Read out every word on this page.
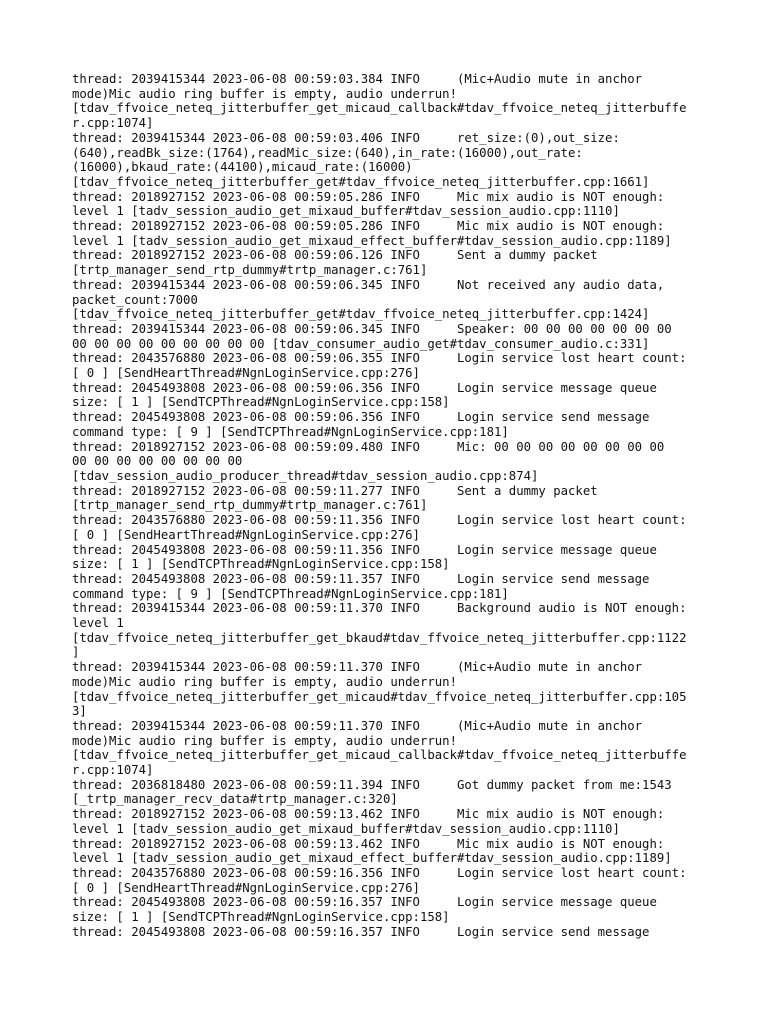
thread: 2039415344 2023-06-08 00:59:03.384 INFO     (Mic+Audio mute in anchor
mode)Mic audio ring buffer is empty, audio underrun!
[tdav_ffvoice_neteq_jitterbuffer_get_micaud_callback#tdav_ffvoice_neteq_jitterbuffe
r.cpp:1074]
thread: 2039415344 2023-06-08 00:59:03.406 INFO     ret_size:(0),out_size:
(640),readBk_size:(1764),readMic_size:(640),in_rate:(16000),out_rate:
(16000),bkaud_rate:(44100),micaud_rate:(16000)
[tdav_ffvoice_neteq_jitterbuffer_get#tdav_ffvoice_neteq_jitterbuffer.cpp:1661]
thread: 2018927152 2023-06-08 00:59:05.286 INFO     Mic mix audio is NOT enough:
level 1 [tadv_session_audio_get_mixaud_buffer#tdav_session_audio.cpp:1110]
thread: 2018927152 2023-06-08 00:59:05.286 INFO     Mic mix audio is NOT enough:
level 1 [tadv_session_audio_get_mixaud_effect_buffer#tdav_session_audio.cpp:1189]
thread: 2018927152 2023-06-08 00:59:06.126 INFO     Sent a dummy packet
[trtp_manager_send_rtp_dummy#trtp_manager.c:761]
thread: 2039415344 2023-06-08 00:59:06.345 INFO     Not received any audio data,
packet_count:7000
[tdav_ffvoice_neteq_jitterbuffer_get#tdav_ffvoice_neteq_jitterbuffer.cpp:1424]
thread: 2039415344 2023-06-08 00:59:06.345 INFO     Speaker: 00 00 00 00 00 00 00
00 00 00 00 00 00 00 00 00 [tdav_consumer_audio_get#tdav_consumer_audio.c:331]
thread: 2043576880 2023-06-08 00:59:06.355 INFO     Login service lost heart count:
[ 0 ] [SendHeartThread#NgnLoginService.cpp:276]
thread: 2045493808 2023-06-08 00:59:06.356 INFO     Login service message queue
size: [ 1 ] [SendTCPThread#NgnLoginService.cpp:158]
thread: 2045493808 2023-06-08 00:59:06.356 INFO     Login service send message
command type: [ 9 ] [SendTCPThread#NgnLoginService.cpp:181]
thread: 2018927152 2023-06-08 00:59:09.480 INFO     Mic: 00 00 00 00 00 00 00 00
00 00 00 00 00 00 00 00
[tdav_session_audio_producer_thread#tdav_session_audio.cpp:874]
thread: 2018927152 2023-06-08 00:59:11.277 INFO     Sent a dummy packet
[trtp_manager_send_rtp_dummy#trtp_manager.c:761]
thread: 2043576880 2023-06-08 00:59:11.356 INFO     Login service lost heart count:
[ 0 ] [SendHeartThread#NgnLoginService.cpp:276]
thread: 2045493808 2023-06-08 00:59:11.356 INFO     Login service message queue
size: [ 1 ] [SendTCPThread#NgnLoginService.cpp:158]
thread: 2045493808 2023-06-08 00:59:11.357 INFO     Login service send message
command type: [ 9 ] [SendTCPThread#NgnLoginService.cpp:181]
thread: 2039415344 2023-06-08 00:59:11.370 INFO     Background audio is NOT enough:
level 1
[tdav_ffvoice_neteq_jitterbuffer_get_bkaud#tdav_ffvoice_neteq_jitterbuffer.cpp:1122
]
thread: 2039415344 2023-06-08 00:59:11.370 INFO     (Mic+Audio mute in anchor
mode)Mic audio ring buffer is empty, audio underrun!
[tdav_ffvoice_neteq_jitterbuffer_get_micaud#tdav_ffvoice_neteq_jitterbuffer.cpp:105
3]
thread: 2039415344 2023-06-08 00:59:11.370 INFO     (Mic+Audio mute in anchor
mode)Mic audio ring buffer is empty, audio underrun!
[tdav_ffvoice_neteq_jitterbuffer_get_micaud_callback#tdav_ffvoice_neteq_jitterbuffe
r.cpp:1074]
thread: 2036818480 2023-06-08 00:59:11.394 INFO     Got dummy packet from me:1543
[_trtp_manager_recv_data#trtp_manager.c:320]
thread: 2018927152 2023-06-08 00:59:13.462 INFO     Mic mix audio is NOT enough:
level 1 [tadv_session_audio_get_mixaud_buffer#tdav_session_audio.cpp:1110]
thread: 2018927152 2023-06-08 00:59:13.462 INFO     Mic mix audio is NOT enough:
level 1 [tadv_session_audio_get_mixaud_effect_buffer#tdav_session_audio.cpp:1189]
thread: 2043576880 2023-06-08 00:59:16.356 INFO     Login service lost heart count:
[ 0 ] [SendHeartThread#NgnLoginService.cpp:276]
thread: 2045493808 2023-06-08 00:59:16.357 INFO     Login service message queue
size: [ 1 ] [SendTCPThread#NgnLoginService.cpp:158]
thread: 2045493808 2023-06-08 00:59:16.357 INFO     Login service send message
